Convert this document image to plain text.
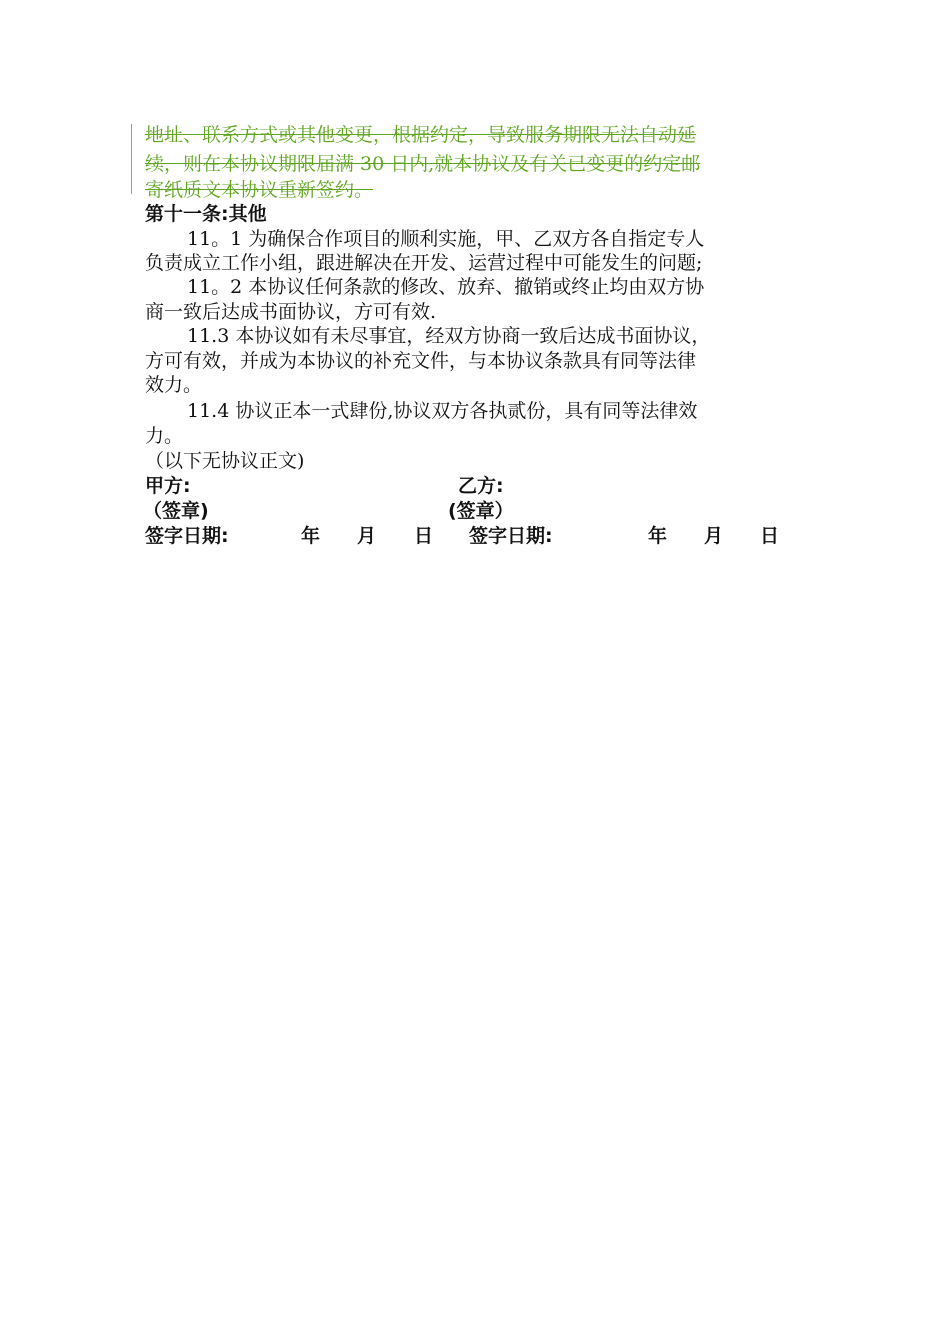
地址、联系方式或其他变更，根据约定，导致服务期限无法自动延
续，则在本协议期限届满 30 日内,就本协议及有关已变更的约定邮
寄纸质文本协议重新签约。
第十一条:其他
11。1 为确保合作项目的顺利实施，甲、乙双方各自指定专人
负责成立工作小组，跟进解决在开发、运营过程中可能发生的问题;
11。2 本协议任何条款的修改、放弃、撤销或终止均由双方协
商一致后达成书面协议，方可有效.
11.3 本协议如有未尽事宜，经双方协商一致后达成书面协议，
方可有效，并成为本协议的补充文件，与本协议条款具有同等法律
效力。
11.4 协议正本一式肆份,协议双方各执贰份，具有同等法律效
力。
（以下无协议正文)
甲方:	乙方:
（签章)	(签章）
签字日期:	年 月 日 签字日期:	年 月 日
